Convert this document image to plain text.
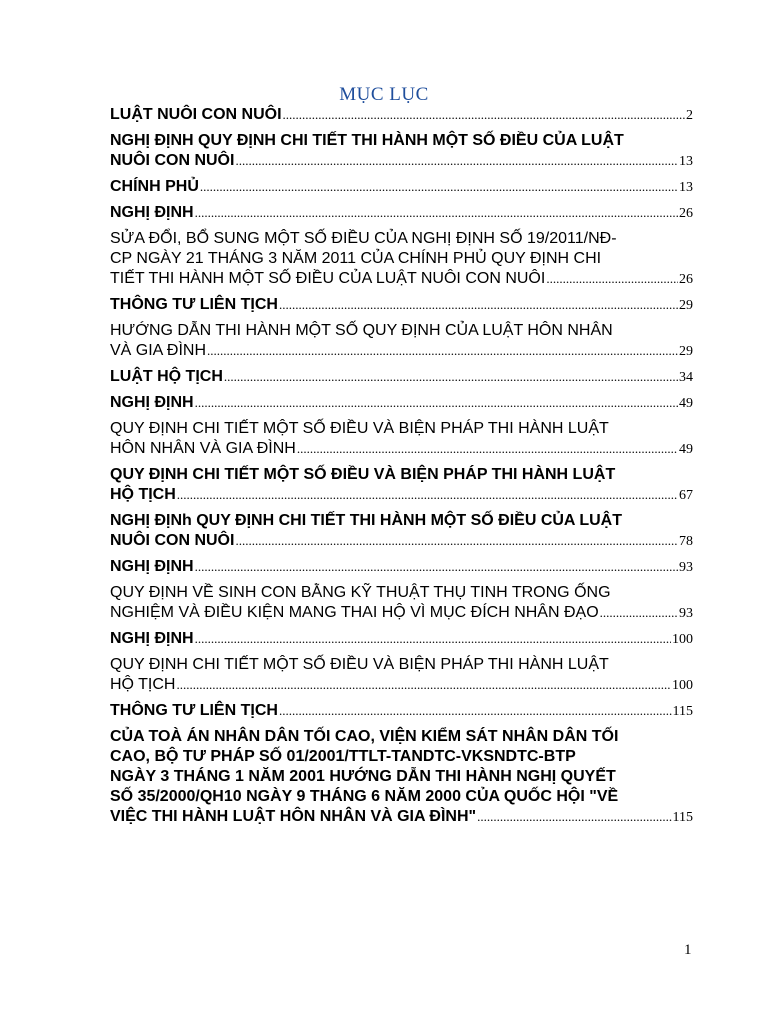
MỤC LỤC
LUẬT NUÔI CON NUÔI .....	2
NGHỊ ĐỊNH QUY ĐỊNH CHI TIẾT THI HÀNH MỘT SỐ ĐIỀU CỦA LUẬT
NUÔI CON NUÔI .....	13
CHÍNH PHỦ .....	13
NGHỊ ĐỊNH .....	26
SỬA ĐỔI, BỔ SUNG MỘT SỐ ĐIỀU CỦA NGHỊ ĐỊNH SỐ 19/2011/NĐ-
CP NGÀY 21 THÁNG 3 NĂM 2011 CỦA CHÍNH PHỦ QUY ĐỊNH CHI
TIẾT THI HÀNH MỘT SỐ ĐIỀU CỦA LUẬT NUÔI CON NUÔI .....	26
THÔNG TƯ LIÊN TỊCH .....	29
HƯỚNG DẪN THI HÀNH MỘT SỐ QUY ĐỊNH CỦA LUẬT HÔN NHÂN
VÀ GIA ĐÌNH .....	29
LUẬT HỘ TỊCH .....	34
NGHỊ ĐỊNH .....	49
QUY ĐỊNH CHI TIẾT MỘT SỐ ĐIỀU VÀ BIỆN PHÁP THI HÀNH LUẬT
HÔN NHÂN VÀ GIA ĐÌNH .....	49
QUY ĐỊNH CHI TIẾT MỘT SỐ ĐIỀU VÀ BIỆN PHÁP THI HÀNH LUẬT
HỘ TỊCH .....	67
NGHỊ ĐỊNh QUY ĐỊNH CHI TIẾT THI HÀNH MỘT SỐ ĐIỀU CỦA LUẬT
NUÔI CON NUÔI .....	78
NGHỊ ĐỊNH .....	93
QUY ĐỊNH VỀ SINH CON BẰNG KỸ THUẬT THỤ TINH TRONG ỐNG
NGHIỆM VÀ ĐIỀU KIỆN MANG THAI HỘ VÌ MỤC ĐÍCH NHÂN ĐẠO .....	93
NGHỊ ĐỊNH .....	100
QUY ĐỊNH CHI TIẾT MỘT SỐ ĐIỀU VÀ BIỆN PHÁP THI HÀNH LUẬT
HỘ TỊCH .....	100
THÔNG TƯ LIÊN TỊCH .....	115
CỦA TOÀ ÁN NHÂN DÂN TỐI CAO, VIỆN KIỂM SÁT NHÂN DÂN TỐI
CAO, BỘ TƯ PHÁP SỐ 01/2001/TTLT-TANDTC-VKSNDTC-BTP
NGÀY 3 THÁNG 1 NĂM 2001 HƯỚNG DẪN THI HÀNH NGHỊ QUYẾT
SỐ 35/2000/QH10 NGÀY 9 THÁNG 6 NĂM 2000 CỦA QUỐC HỘI "VỀ
VIỆC THI HÀNH LUẬT HÔN NHÂN VÀ GIA ĐÌNH" .....	115
1
